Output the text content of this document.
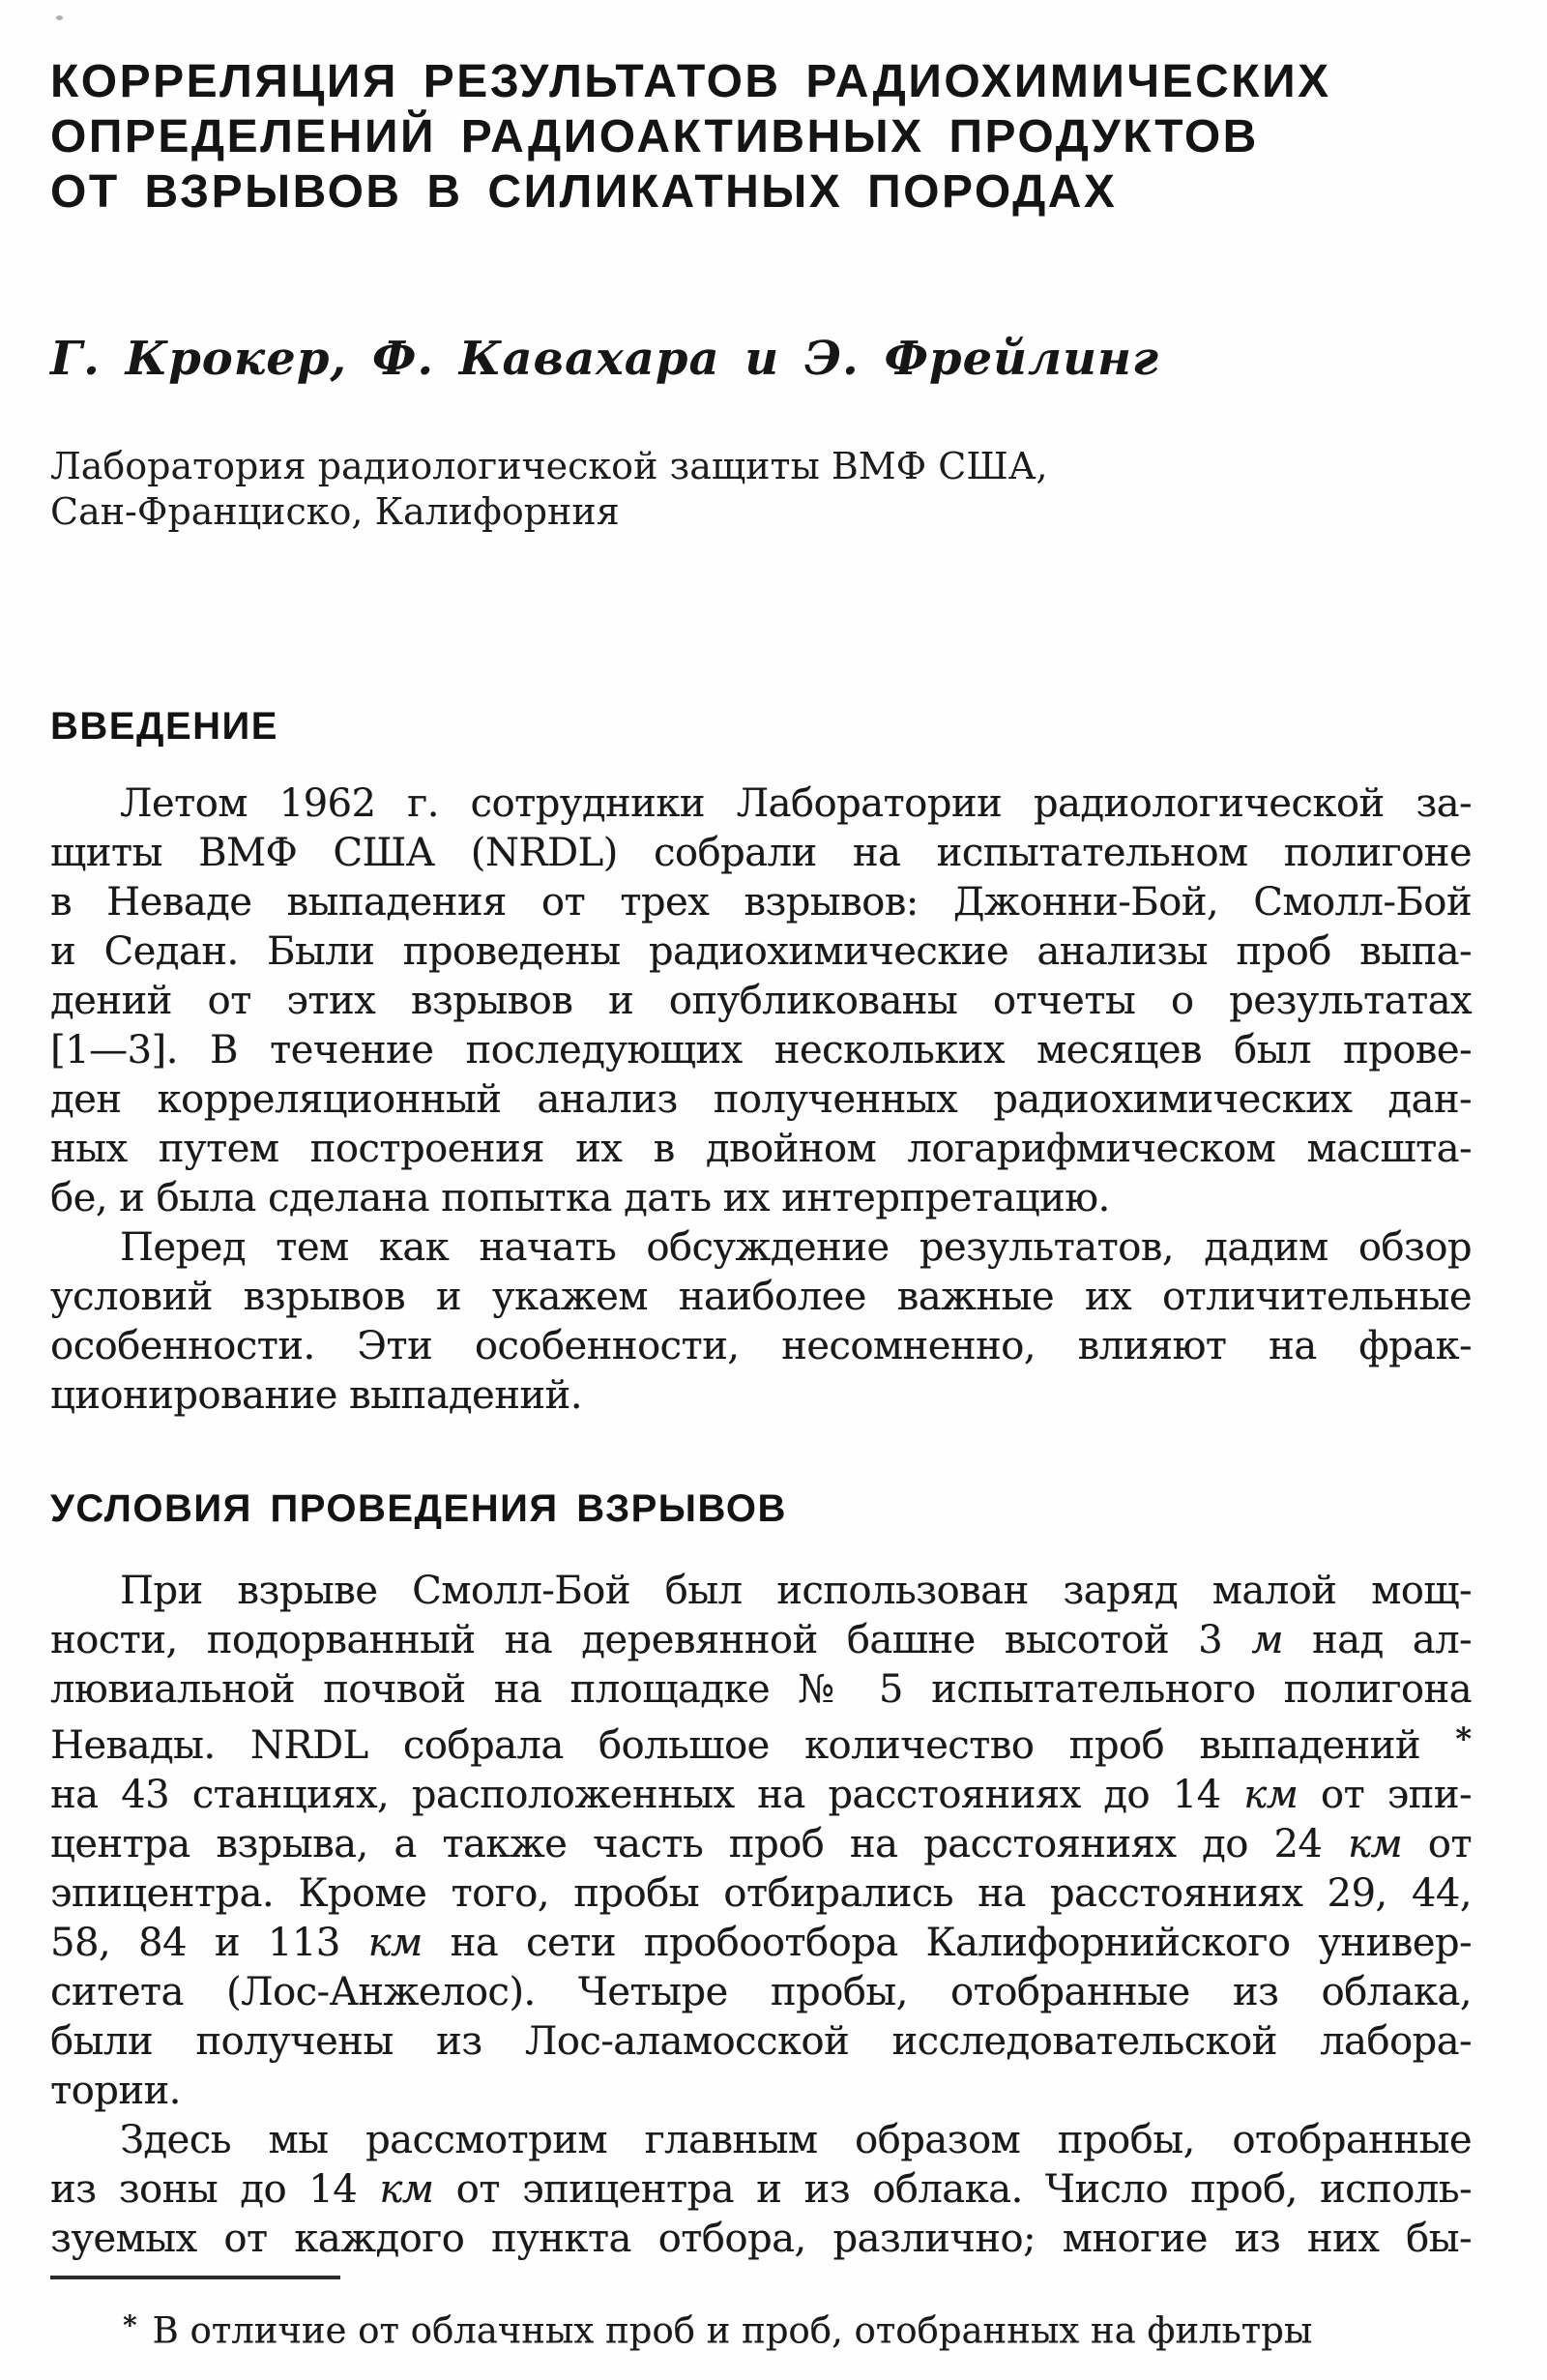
КОРРЕЛЯЦИЯ РЕЗУЛЬТАТОВ РАДИОХИМИЧЕСКИХ
ОПРЕДЕЛЕНИЙ РАДИОАКТИВНЫХ ПРОДУКТОВ
ОТ ВЗРЫВОВ В СИЛИКАТНЫХ ПОРОДАХ
Г. Крокер, Ф. Кавахара и Э. Фрейлинг
Лаборатория радиологической защиты ВМФ США,
Сан-Франциско, Калифорния
ВВЕДЕНИЕ
Летом 1962 г. сотрудники Лаборатории радиологической за-
щиты ВМФ США (NRDL) собрали на испытательном полигоне
в Неваде выпадения от трех взрывов: Джонни-Бой, Смолл-Бой
и Седан. Были проведены радиохимические анализы проб выпа-
дений от этих взрывов и опубликованы отчеты о результатах
[1—3]. В течение последующих нескольких месяцев был прове-
ден корреляционный анализ полученных радиохимических дан-
ных путем построения их в двойном логарифмическом масшта-
бе, и была сделана попытка дать их интерпретацию.
Перед тем как начать обсуждение результатов, дадим обзор
условий взрывов и укажем наиболее важные их отличительные
особенности. Эти особенности, несомненно, влияют на фрак-
ционирование выпадений.
УСЛОВИЯ ПРОВЕДЕНИЯ ВЗРЫВОВ
При взрыве Смолл-Бой был использован заряд малой мощ-
ности, подорванный на деревянной башне высотой 3 м над ал-
лювиальной почвой на площадке № 5 испытательного полигона
Невады. NRDL собрала большое количество проб выпадений *
на 43 станциях, расположенных на расстояниях до 14 км от эпи-
центра взрыва, а также часть проб на расстояниях до 24 км от
эпицентра. Кроме того, пробы отбирались на расстояниях 29, 44,
58, 84 и 113 км на сети пробоотбора Калифорнийского универ-
ситета (Лос-Анжелос). Четыре пробы, отобранные из облака,
были получены из Лос-аламосской исследовательской лабора-
тории.
Здесь мы рассмотрим главным образом пробы, отобранные
из зоны до 14 км от эпицентра и из облака. Число проб, исполь-
зуемых от каждого пункта отбора, различно; многие из них бы-
* В отличие от облачных проб и проб, отобранных на фильтры
